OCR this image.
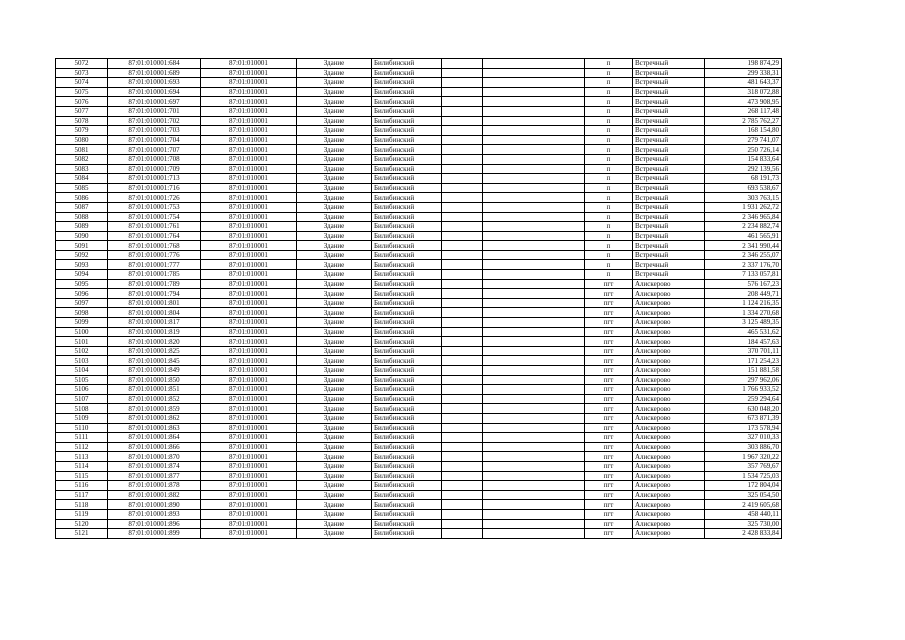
5072	87:01:010001:684	87:01:010001	Здание	Билибинский			п	Встречный	198 874,29
5073	87:01:010001:689	87:01:010001	Здание	Билибинский			п	Встречный	299 338,31
5074	87:01:010001:693	87:01:010001	Здание	Билибинский			п	Встречный	481 643,37
5075	87:01:010001:694	87:01:010001	Здание	Билибинский			п	Встречный	318 072,88
5076	87:01:010001:697	87:01:010001	Здание	Билибинский			п	Встречный	473 908,95
5077	87:01:010001:701	87:01:010001	Здание	Билибинский			п	Встречный	268 117,48
5078	87:01:010001:702	87:01:010001	Здание	Билибинский			п	Встречный	2 785 762,27
5079	87:01:010001:703	87:01:010001	Здание	Билибинский			п	Встречный	168 154,80
5080	87:01:010001:704	87:01:010001	Здание	Билибинский			п	Встречный	279 741,07
5081	87:01:010001:707	87:01:010001	Здание	Билибинский			п	Встречный	250 726,14
5082	87:01:010001:708	87:01:010001	Здание	Билибинский			п	Встречный	154 833,64
5083	87:01:010001:709	87:01:010001	Здание	Билибинский			п	Встречный	292 139,56
5084	87:01:010001:713	87:01:010001	Здание	Билибинский			п	Встречный	68 191,73
5085	87:01:010001:716	87:01:010001	Здание	Билибинский			п	Встречный	693 538,67
5086	87:01:010001:726	87:01:010001	Здание	Билибинский			п	Встречный	303 763,15
5087	87:01:010001:753	87:01:010001	Здание	Билибинский			п	Встречный	1 931 262,72
5088	87:01:010001:754	87:01:010001	Здание	Билибинский			п	Встречный	2 346 965,84
5089	87:01:010001:761	87:01:010001	Здание	Билибинский			п	Встречный	2 234 882,74
5090	87:01:010001:764	87:01:010001	Здание	Билибинский			п	Встречный	461 565,91
5091	87:01:010001:768	87:01:010001	Здание	Билибинский			п	Встречный	2 341 990,44
5092	87:01:010001:776	87:01:010001	Здание	Билибинский			п	Встречный	2 346 255,07
5093	87:01:010001:777	87:01:010001	Здание	Билибинский			п	Встречный	2 337 176,70
5094	87:01:010001:785	87:01:010001	Здание	Билибинский			п	Встречный	7 133 057,81
5095	87:01:010001:789	87:01:010001	Здание	Билибинский			пгт	Алискерово	576 167,23
5096	87:01:010001:794	87:01:010001	Здание	Билибинский			пгт	Алискерово	208 449,71
5097	87:01:010001:801	87:01:010001	Здание	Билибинский			пгт	Алискерово	1 124 216,35
5098	87:01:010001:804	87:01:010001	Здание	Билибинский			пгт	Алискерово	1 334 270,68
5099	87:01:010001:817	87:01:010001	Здание	Билибинский			пгт	Алискерово	3 125 489,35
5100	87:01:010001:819	87:01:010001	Здание	Билибинский			пгт	Алискерово	465 531,62
5101	87:01:010001:820	87:01:010001	Здание	Билибинский			пгт	Алискерово	184 457,63
5102	87:01:010001:825	87:01:010001	Здание	Билибинский			пгт	Алискерово	370 701,11
5103	87:01:010001:845	87:01:010001	Здание	Билибинский			пгт	Алискерово	171 254,23
5104	87:01:010001:849	87:01:010001	Здание	Билибинский			пгт	Алискерово	151 881,58
5105	87:01:010001:850	87:01:010001	Здание	Билибинский			пгт	Алискерово	297 962,06
5106	87:01:010001:851	87:01:010001	Здание	Билибинский			пгт	Алискерово	1 766 933,52
5107	87:01:010001:852	87:01:010001	Здание	Билибинский			пгт	Алискерово	259 294,64
5108	87:01:010001:859	87:01:010001	Здание	Билибинский			пгт	Алискерово	630 048,20
5109	87:01:010001:862	87:01:010001	Здание	Билибинский			пгт	Алискерово	673 871,39
5110	87:01:010001:863	87:01:010001	Здание	Билибинский			пгт	Алискерово	173 578,94
5111	87:01:010001:864	87:01:010001	Здание	Билибинский			пгт	Алискерово	327 010,33
5112	87:01:010001:866	87:01:010001	Здание	Билибинский			пгт	Алискерово	303 886,70
5113	87:01:010001:870	87:01:010001	Здание	Билибинский			пгт	Алискерово	1 967 320,22
5114	87:01:010001:874	87:01:010001	Здание	Билибинский			пгт	Алискерово	357 769,67
5115	87:01:010001:877	87:01:010001	Здание	Билибинский			пгт	Алискерово	1 534 725,03
5116	87:01:010001:878	87:01:010001	Здание	Билибинский			пгт	Алискерово	172 804,04
5117	87:01:010001:882	87:01:010001	Здание	Билибинский			пгт	Алискерово	325 054,50
5118	87:01:010001:890	87:01:010001	Здание	Билибинский			пгт	Алискерово	2 419 605,68
5119	87:01:010001:893	87:01:010001	Здание	Билибинский			пгт	Алискерово	458 440,11
5120	87:01:010001:896	87:01:010001	Здание	Билибинский			пгт	Алискерово	325 730,00
5121	87:01:010001:899	87:01:010001	Здание	Билибинский			пгт	Алискерово	2 428 833,84
